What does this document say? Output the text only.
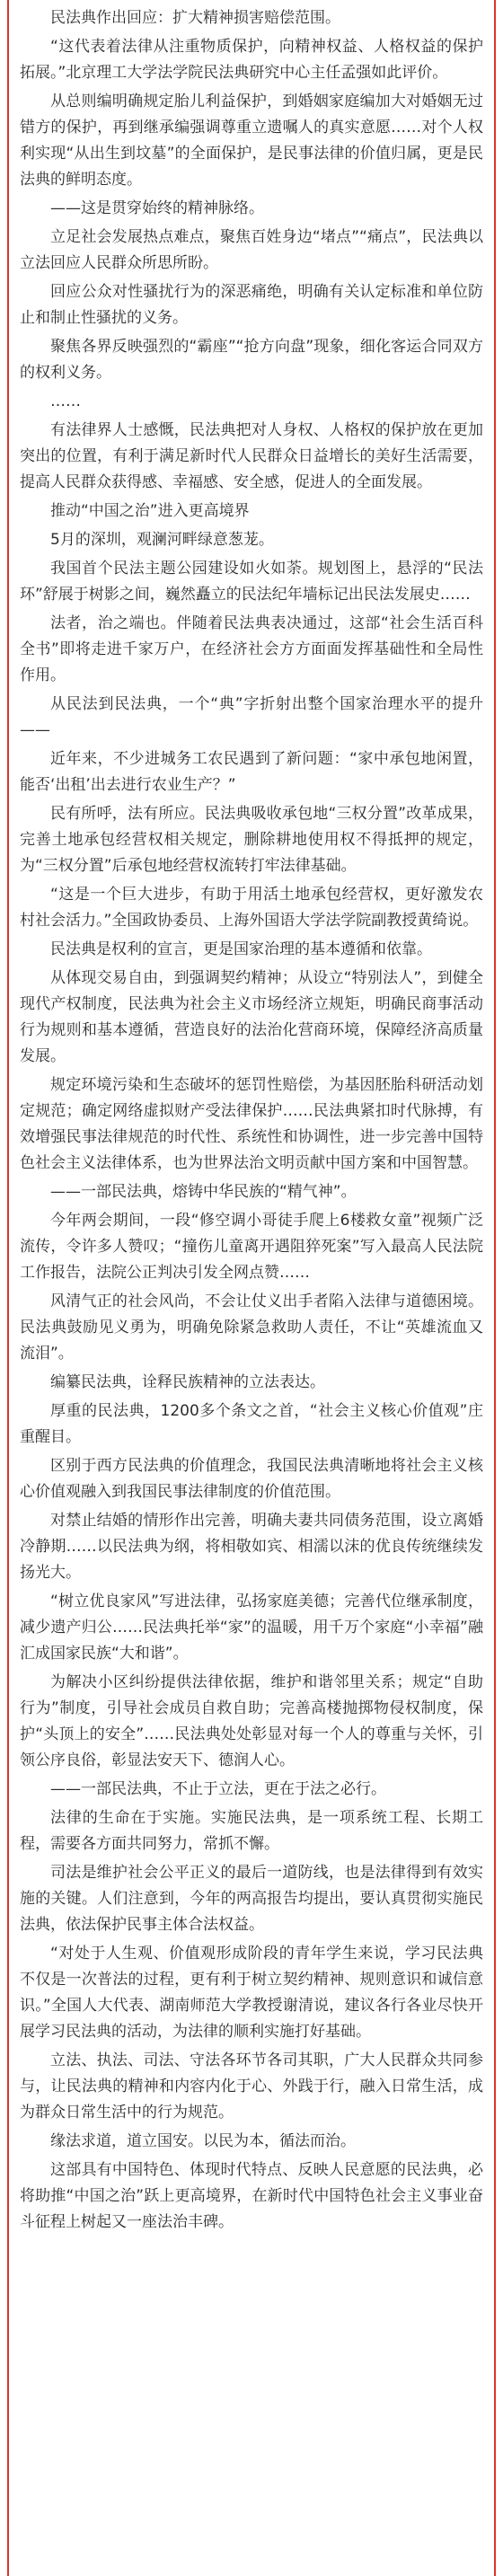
民法典作出回应：扩大精神损害赔偿范围。

“这代表着法律从注重物质保护，向精神权益、人格权益的保护拓展。”北京理工大学法学院民法典研究中心主任孟强如此评价。

从总则编明确规定胎儿利益保护，到婚姻家庭编加大对婚姻无过错方的保护，再到继承编强调尊重立遗嘱人的真实意愿……对个人权利实现“从出生到坟墓”的全面保护，是民事法律的价值归属，更是民法典的鲜明态度。

——这是贯穿始终的精神脉络。

立足社会发展热点难点，聚焦百姓身边“堵点”“痛点”，民法典以立法回应人民群众所思所盼。

回应公众对性骚扰行为的深恶痛绝，明确有关认定标准和单位防止和制止性骚扰的义务。

聚焦各界反映强烈的“霸座”“抢方向盘”现象，细化客运合同双方的权利义务。

……

有法律界人士感慨，民法典把对人身权、人格权的保护放在更加突出的位置，有利于满足新时代人民群众日益增长的美好生活需要，提高人民群众获得感、幸福感、安全感，促进人的全面发展。

推动“中国之治”进入更高境界

5月的深圳，观澜河畔绿意葱茏。

我国首个民法主题公园建设如火如荼。规划图上，悬浮的“民法环”舒展于树影之间，巍然矗立的民法纪年墙标记出民法发展史……

法者，治之端也。伴随着民法典表决通过，这部“社会生活百科全书”即将走进千家万户，在经济社会方方面面发挥基础性和全局性作用。

从民法到民法典，一个“典”字折射出整个国家治理水平的提升——

近年来，不少进城务工农民遇到了新问题：“家中承包地闲置，能否‘出租’出去进行农业生产？”

民有所呼，法有所应。民法典吸收承包地“三权分置”改革成果，完善土地承包经营权相关规定，删除耕地使用权不得抵押的规定，为“三权分置”后承包地经营权流转打牢法律基础。

“这是一个巨大进步，有助于用活土地承包经营权，更好激发农村社会活力。”全国政协委员、上海外国语大学法学院副教授黄绮说。

民法典是权利的宣言，更是国家治理的基本遵循和依靠。

从体现交易自由，到强调契约精神；从设立“特别法人”，到健全现代产权制度，民法典为社会主义市场经济立规矩，明确民商事活动行为规则和基本遵循，营造良好的法治化营商环境，保障经济高质量发展。

规定环境污染和生态破坏的惩罚性赔偿，为基因胚胎科研活动划定规范；确定网络虚拟财产受法律保护……民法典紧扣时代脉搏，有效增强民事法律规范的时代性、系统性和协调性，进一步完善中国特色社会主义法律体系，也为世界法治文明贡献中国方案和中国智慧。

——一部民法典，熔铸中华民族的“精气神”。

今年两会期间，一段“修空调小哥徒手爬上6楼救女童”视频广泛流传，令许多人赞叹；“撞伤儿童离开遇阻猝死案”写入最高人民法院工作报告，法院公正判决引发全网点赞……

风清气正的社会风尚，不会让仗义出手者陷入法律与道德困境。民法典鼓励见义勇为，明确免除紧急救助人责任，不让“英雄流血又流泪”。

编纂民法典，诠释民族精神的立法表达。

厚重的民法典，1200多个条文之首，“社会主义核心价值观”庄重醒目。

区别于西方民法典的价值理念，我国民法典清晰地将社会主义核心价值观融入到我国民事法律制度的价值范围。

对禁止结婚的情形作出完善，明确夫妻共同债务范围，设立离婚冷静期……以民法典为纲，将相敬如宾、相濡以沫的优良传统继续发扬光大。

“树立优良家风”写进法律，弘扬家庭美德；完善代位继承制度，减少遗产归公……民法典托举“家”的温暖，用千万个家庭“小幸福”融汇成国家民族“大和谐”。

为解决小区纠纷提供法律依据，维护和谐邻里关系；规定“自助行为”制度，引导社会成员自救自助；完善高楼抛掷物侵权制度，保护“头顶上的安全”……民法典处处彰显对每一个人的尊重与关怀，引领公序良俗，彰显法安天下、德润人心。

——一部民法典，不止于立法，更在于法之必行。

法律的生命在于实施。实施民法典，是一项系统工程、长期工程，需要各方面共同努力，常抓不懈。

司法是维护社会公平正义的最后一道防线，也是法律得到有效实施的关键。人们注意到，今年的两高报告均提出，要认真贯彻实施民法典，依法保护民事主体合法权益。

“对处于人生观、价值观形成阶段的青年学生来说，学习民法典不仅是一次普法的过程，更有利于树立契约精神、规则意识和诚信意识。”全国人大代表、湖南师范大学教授谢清说，建议各行各业尽快开展学习民法典的活动，为法律的顺利实施打好基础。

立法、执法、司法、守法各环节各司其职，广大人民群众共同参与，让民法典的精神和内容内化于心、外践于行，融入日常生活，成为群众日常生活中的行为规范。

缘法求道，道立国安。以民为本，循法而治。

这部具有中国特色、体现时代特点、反映人民意愿的民法典，必将助推“中国之治”跃上更高境界，在新时代中国特色社会主义事业奋斗征程上树起又一座法治丰碑。
